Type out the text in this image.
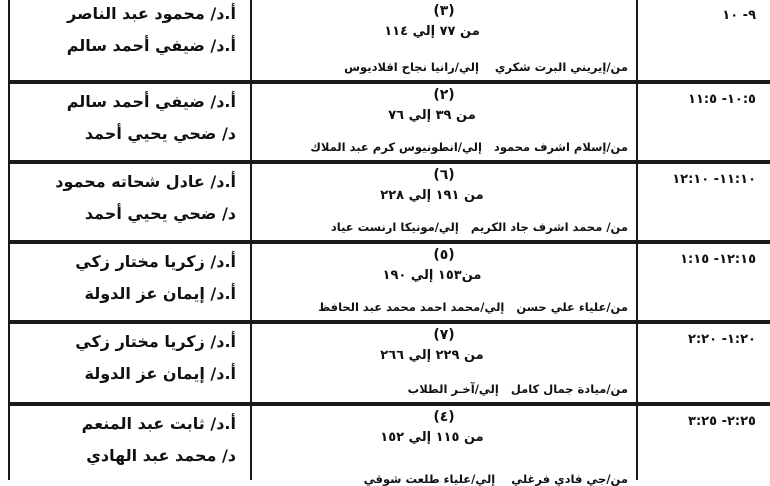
أ.د/ محمود عبد الناصر
أ.د/ ضيفي أحمد سالم
(٣)
من ٧٧ إلي ١١٤
من/إيريني البرت شكري    إلي/رانيا نجاح اقلاديوس
٩- ١٠
أ.د/ ضيفي أحمد سالم
د/ ضحي يحيي أحمد
(٢)
من ٣٩ إلي ٧٦
من/إسلام اشرف محمود   إلي/انطونيوس كرم عبد الملاك
١٠:٥- ١١:٥
أ.د/ عادل شحاته محمود
د/ ضحي يحيي أحمد
(٦)
من ١٩١ إلي ٢٢٨
من/ محمد اشرف جاد الكريم   إلي/مونيكا ارنست عياد
١١:١٠- ١٢:١٠
أ.د/ زكريا مختار زكي
أ.د/ إيمان عز الدولة
(٥)
من١٥٣ إلي ١٩٠
من/علياء علي حسن   إلي/محمد احمد محمد عبد الحافظ
١٢:١٥- ١:١٥
أ.د/ زكريا مختار زكي
أ.د/ إيمان عز الدولة
(٧)
من ٢٢٩ إلي ٢٦٦
من/ميادة جمال كامل   إلي/آخـر الطلاب
١:٢٠- ٢:٢٠
أ.د/ ثابت عبد المنعم
د/ محمد عبد الهادي
(٤)
من ١١٥ إلي ١٥٢
من/جي فادي فرغلي    إلي/علياء طلعت شوقي
٢:٢٥- ٣:٢٥
